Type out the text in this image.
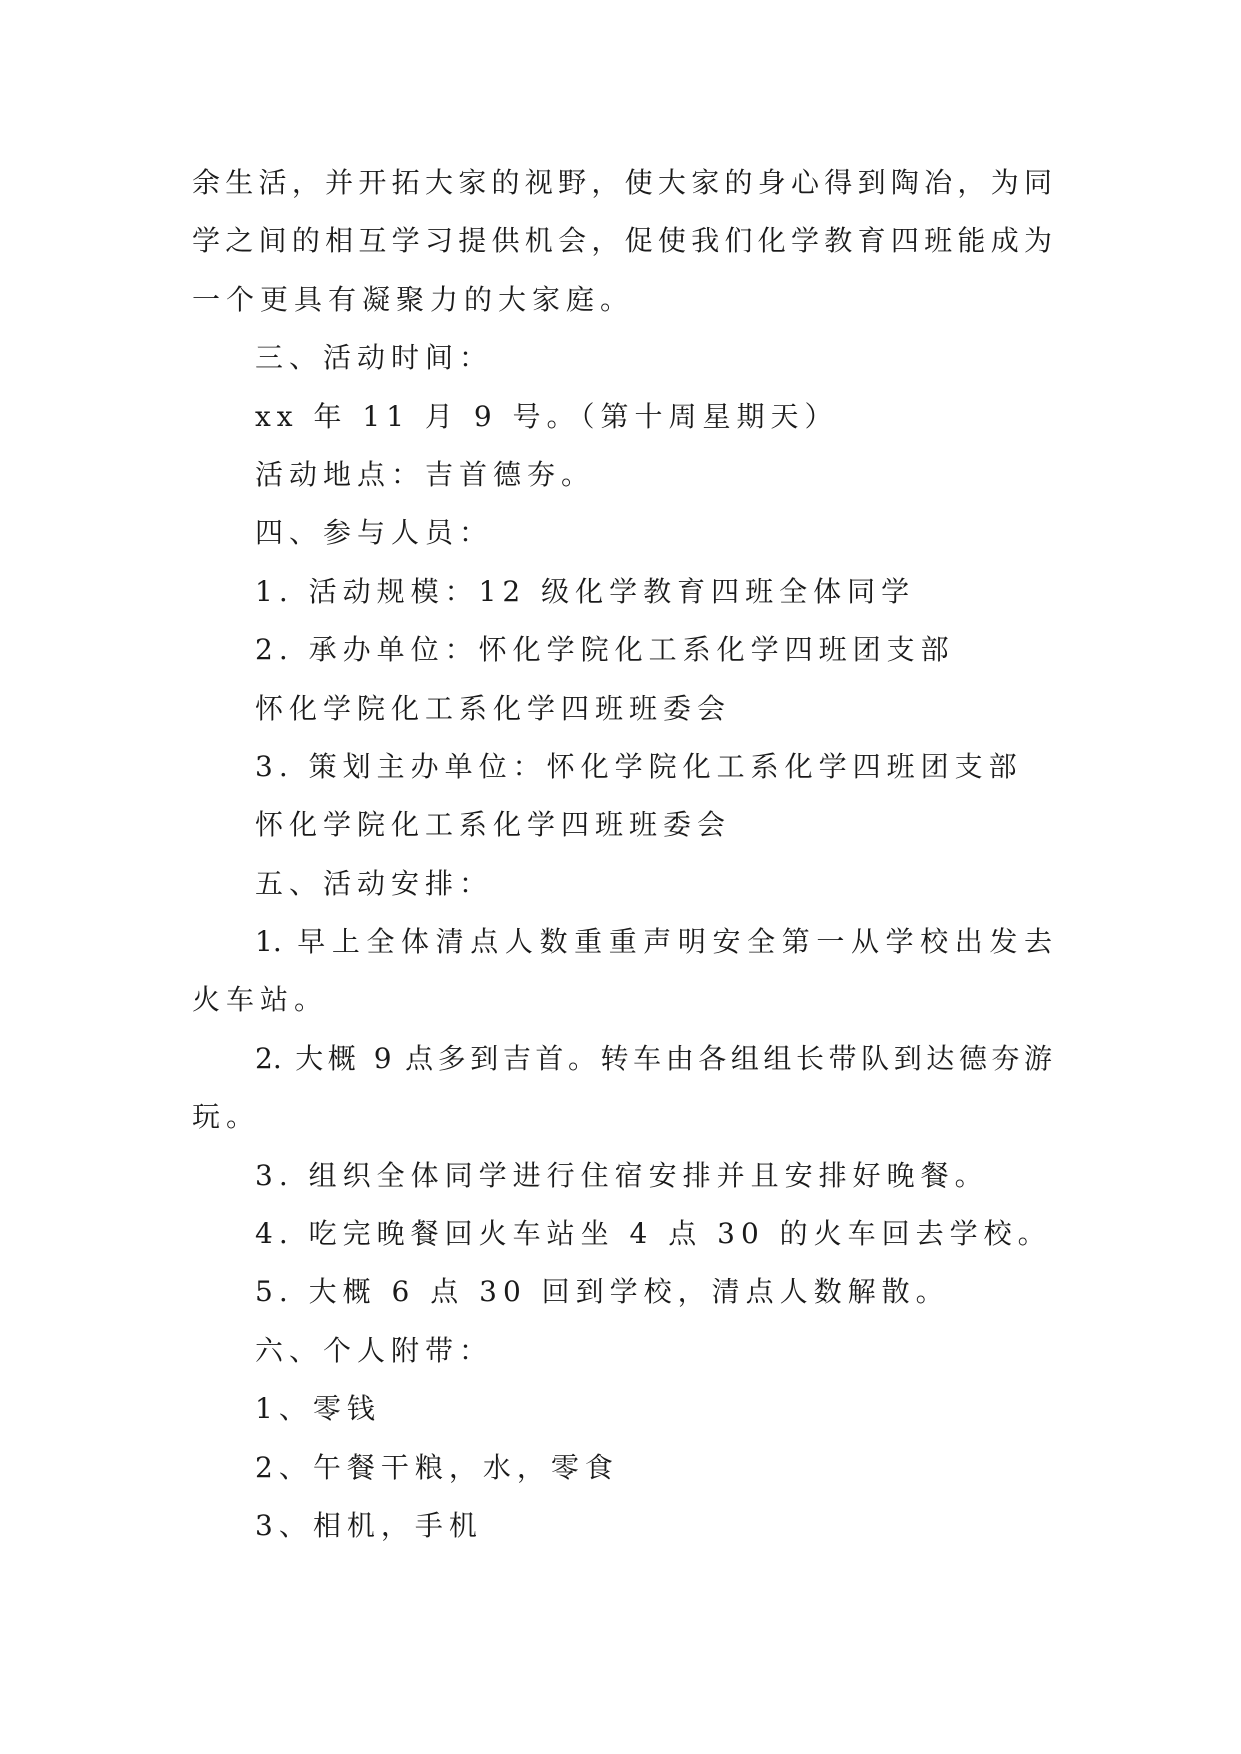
余生活，并开拓大家的视野，使大家的身心得到陶冶，为同
学之间的相互学习提供机会，促使我们化学教育四班能成为
一个更具有凝聚力的大家庭。
三、活动时间：
xx 年 11 月 9 号。（第十周星期天）
活动地点：吉首德夯。
四、参与人员：
1. 活动规模：12 级化学教育四班全体同学
2. 承办单位：怀化学院化工系化学四班团支部
怀化学院化工系化学四班班委会
3. 策划主办单位：怀化学院化工系化学四班团支部
怀化学院化工系化学四班班委会
五、活动安排：
1. 早上全体清点人数重重声明安全第一从学校出发去
火车站。
2. 大概 9 点多到吉首。转车由各组组长带队到达德夯游
玩。
3. 组织全体同学进行住宿安排并且安排好晚餐。
4. 吃完晚餐回火车站坐 4 点 30 的火车回去学校。
5. 大概 6 点 30 回到学校，清点人数解散。
六、个人附带：
1、零钱
2、午餐干粮，水，零食
3、相机，手机
